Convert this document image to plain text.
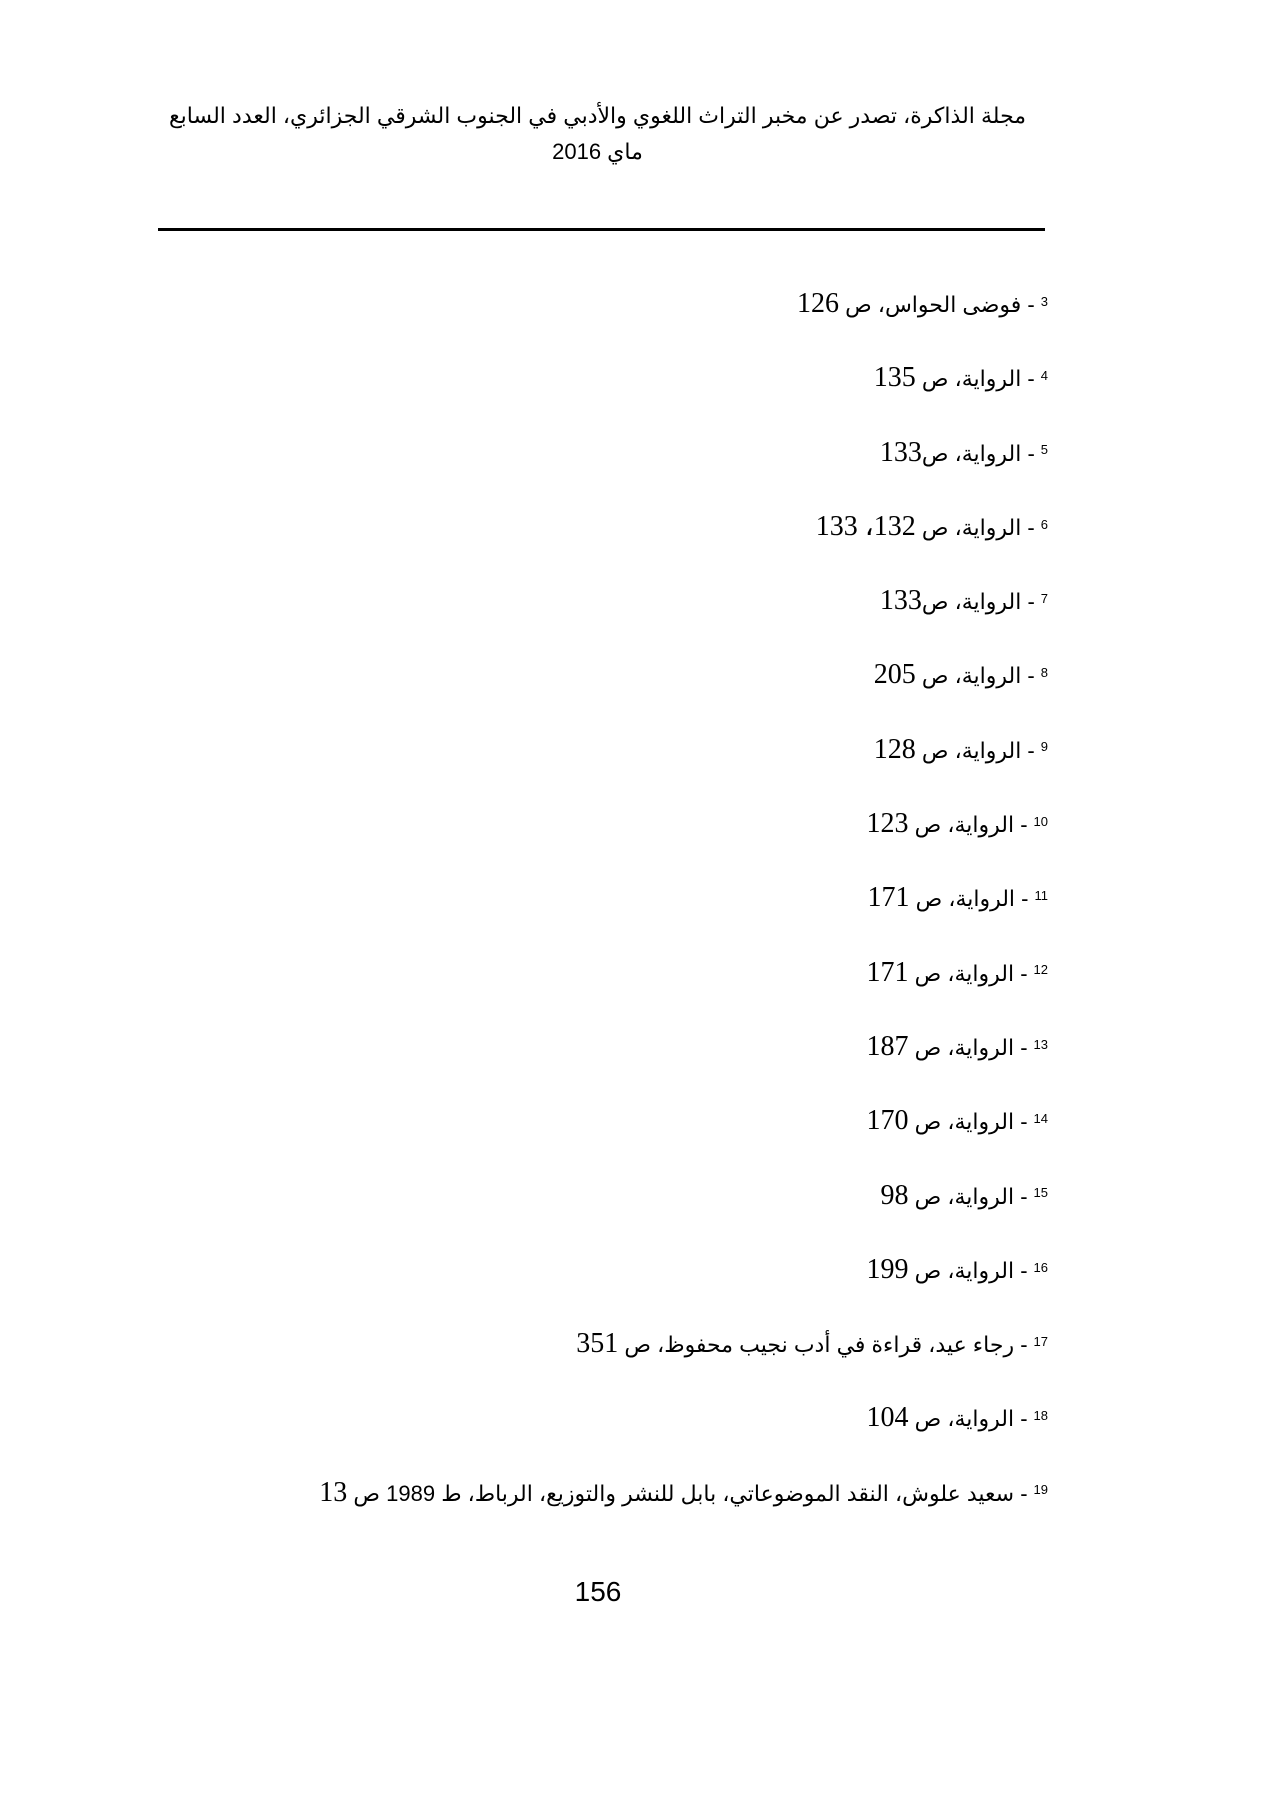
مجلة الذاكرة، تصدر عن مخبر التراث اللغوي والأدبي في الجنوب الشرقي الجزائري، العدد السابع
ماي 2016
$^3$- فوضى الحواس، ص 126
$^4$- الرواية، ص 135
$^5$- الرواية، ص133
$^6$- الرواية، ص 132، 133
$^7$- الرواية، ص133
$^8$- الرواية، ص 205
$^9$- الرواية، ص 128
$^{10}$- الرواية، ص 123
$^{11}$- الرواية، ص 171
$^{12}$- الرواية، ص 171
$^{13}$- الرواية، ص 187
$^{14}$- الرواية، ص 170
$^{15}$- الرواية، ص 98
$^{16}$- الرواية، ص 199
$^{17}$- رجاء عيد، قراءة في أدب نجيب محفوظ، ص 351
$^{18}$- الرواية، ص 104
$^{19}$- سعيد علوش، النقد الموضوعاتي، بابل للنشر والتوزيع، الرباط، ط 1989 ص 13
156
